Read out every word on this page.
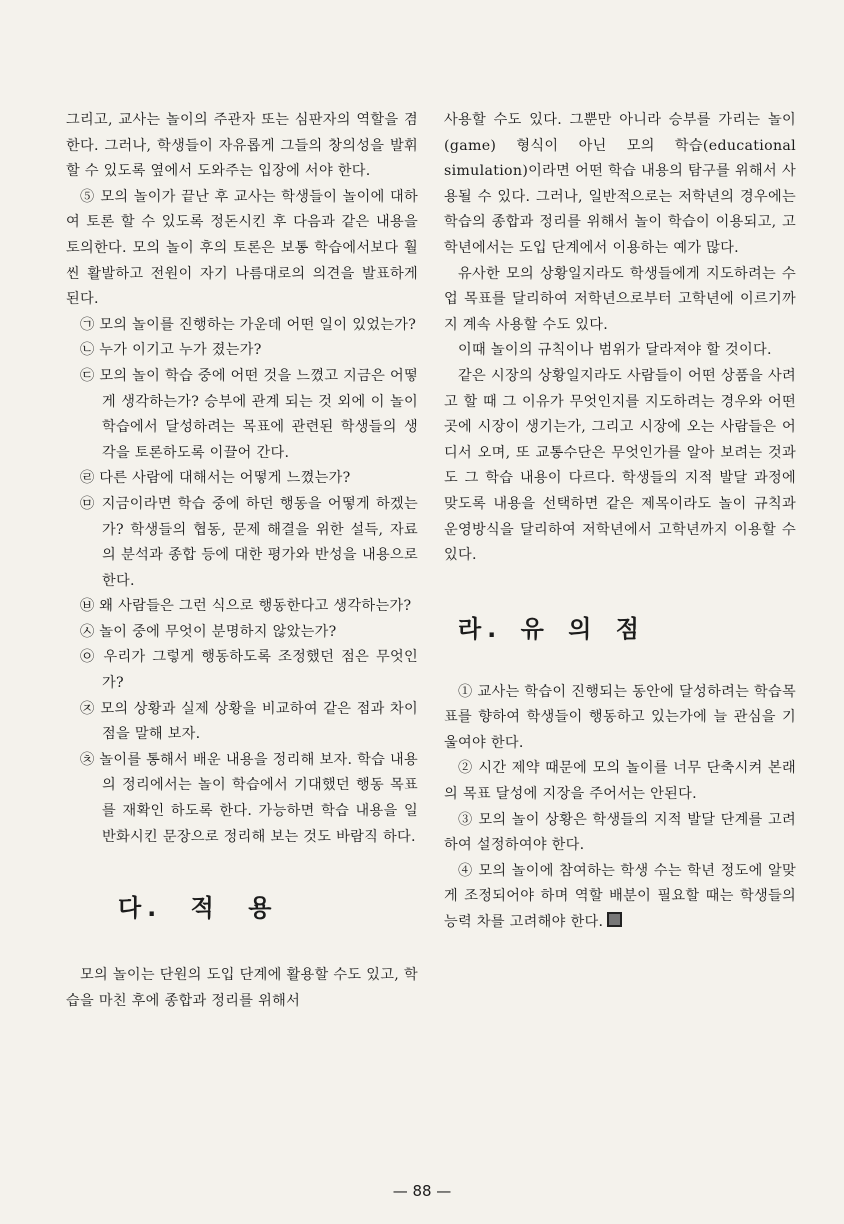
그리고, 교사는 놀이의 주관자 또는 심판자의 역할을 겸한다. 그러나, 학생들이 자유롭게 그들의 창의성을 발휘할 수 있도록 옆에서 도와주는 입장에 서야 한다.

⑤ 모의 놀이가 끝난 후 교사는 학생들이 놀이에 대하여 토론 할 수 있도록 정돈시킨 후 다음과 같은 내용을 토의한다. 모의 놀이 후의 토론은 보통 학습에서보다 훨씬 활발하고 전원이 자기 나름대로의 의견을 발표하게 된다.

㉠ 모의 놀이를 진행하는 가운데 어떤 일이 있었는가?

㉡ 누가 이기고 누가 졌는가?

㉢ 모의 놀이 학습 중에 어떤 것을 느꼈고 지금은 어떻게 생각하는가? 승부에 관계 되는 것 외에 이 놀이 학습에서 달성하려는 목표에 관련된 학생들의 생각을 토론하도록 이끌어 간다.

㉣ 다른 사람에 대해서는 어떻게 느꼈는가?

㉤ 지금이라면 학습 중에 하던 행동을 어떻게 하겠는가? 학생들의 협동, 문제 해결을 위한 설득, 자료의 분석과 종합 등에 대한 평가와 반성을 내용으로 한다.

㉥ 왜 사람들은 그런 식으로 행동한다고 생각하는가?

㉦ 놀이 중에 무엇이 분명하지 않았는가?

㉧ 우리가 그렇게 행동하도록 조정했던 점은 무엇인가?

㉨ 모의 상황과 실제 상황을 비교하여 같은 점과 차이점을 말해 보자.

㉩ 놀이를 통해서 배운 내용을 정리해 보자. 학습 내용의 정리에서는 놀이 학습에서 기대했던 행동 목표를 재확인 하도록 한다. 가능하면 학습 내용을 일반화시킨 문장으로 정리해 보는 것도 바람직 하다.

다. 적 용

모의 놀이는 단원의 도입 단계에 활용할 수도 있고, 학습을 마친 후에 종합과 정리를 위해서

사용할 수도 있다. 그뿐만 아니라 승부를 가리는 놀이(game) 형식이 아닌 모의 학습(educational simulation)이라면 어떤 학습 내용의 탐구를 위해서 사용될 수 있다. 그러나, 일반적으로는 저학년의 경우에는 학습의 종합과 정리를 위해서 놀이 학습이 이용되고, 고학년에서는 도입 단계에서 이용하는 예가 많다.

유사한 모의 상황일지라도 학생들에게 지도하려는 수업 목표를 달리하여 저학년으로부터 고학년에 이르기까지 계속 사용할 수도 있다.

이때 놀이의 규칙이나 범위가 달라져야 할 것이다.

같은 시장의 상황일지라도 사람들이 어떤 상품을 사려고 할 때 그 이유가 무엇인지를 지도하려는 경우와 어떤 곳에 시장이 생기는가, 그리고 시장에 오는 사람들은 어디서 오며, 또 교통수단은 무엇인가를 알아 보려는 것과도 그 학습 내용이 다르다. 학생들의 지적 발달 과정에 맞도록 내용을 선택하면 같은 제목이라도 놀이 규칙과 운영방식을 달리하여 저학년에서 고학년까지 이용할 수 있다.

라. 유 의 점

① 교사는 학습이 진행되는 동안에 달성하려는 학습목표를 향하여 학생들이 행동하고 있는가에 늘 관심을 기울여야 한다.

② 시간 제약 때문에 모의 놀이를 너무 단축시켜 본래의 목표 달성에 지장을 주어서는 안된다.

③ 모의 놀이 상황은 학생들의 지적 발달 단계를 고려하여 설정하여야 한다.

④ 모의 놀이에 참여하는 학생 수는 학년 정도에 알맞게 조정되어야 하며 역할 배분이 필요할 때는 학생들의 능력 차를 고려해야 한다.

— 88 —
